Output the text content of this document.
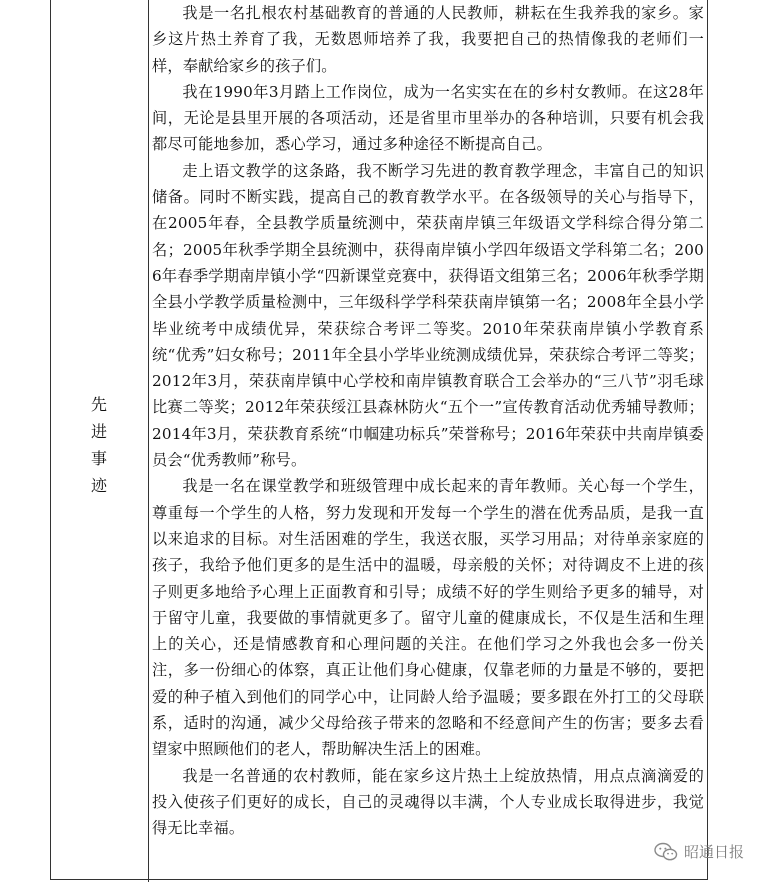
先进事迹

我是一名扎根农村基础教育的普通的人民教师，耕耘在生我养我的家乡。家乡这片热土养育了我，无数恩师培养了我，我要把自己的热情像我的老师们一样，奉献给家乡的孩子们。

我在1990年3月踏上工作岗位，成为一名实实在在的乡村女教师。在这28年间，无论是县里开展的各项活动，还是省里市里举办的各种培训，只要有机会我都尽可能地参加，悉心学习，通过多种途径不断提高自己。

走上语文教学的这条路，我不断学习先进的教育教学理念，丰富自己的知识储备。同时不断实践，提高自己的教育教学水平。在各级领导的关心与指导下，在2005年春，全县教学质量统测中，荣获南岸镇三年级语文学科综合得分第二名；2005年秋季学期全县统测中，获得南岸镇小学四年级语文学科第二名；2006年春季学期南岸镇小学“四新课堂竞赛中，获得语文组第三名；2006年秋季学期全县小学教学质量检测中，三年级科学学科荣获南岸镇第一名；2008年全县小学毕业统考中成绩优异，荣获综合考评二等奖。2010年荣获南岸镇小学教育系统“优秀”妇女称号；2011年全县小学毕业统测成绩优异，荣获综合考评二等奖；2012年3月，荣获南岸镇中心学校和南岸镇教育联合工会举办的“三八节”羽毛球比赛二等奖；2012年荣获绥江县森林防火“五个一”宣传教育活动优秀辅导教师；2014年3月，荣获教育系统“巾帼建功标兵”荣誉称号；2016年荣获中共南岸镇委员会“优秀教师”称号。

我是一名在课堂教学和班级管理中成长起来的青年教师。关心每一个学生，尊重每一个学生的人格，努力发现和开发每一个学生的潜在优秀品质，是我一直以来追求的目标。对生活困难的学生，我送衣服，买学习用品；对待单亲家庭的孩子，我给予他们更多的是生活中的温暖，母亲般的关怀；对待调皮不上进的孩子则更多地给予心理上正面教育和引导；成绩不好的学生则给予更多的辅导，对于留守儿童，我要做的事情就更多了。留守儿童的健康成长，不仅是生活和生理上的关心，还是情感教育和心理问题的关注。在他们学习之外我也会多一份关注，多一份细心的体察，真正让他们身心健康，仅靠老师的力量是不够的，要把爱的种子植入到他们的同学心中，让同龄人给予温暖；要多跟在外打工的父母联系，适时的沟通，减少父母给孩子带来的忽略和不经意间产生的伤害；要多去看望家中照顾他们的老人，帮助解决生活上的困难。

我是一名普通的农村教师，能在家乡这片热土上绽放热情，用点点滴滴爱的投入使孩子们更好的成长，自己的灵魂得以丰满，个人专业成长取得进步，我觉得无比幸福。

昭通日报
